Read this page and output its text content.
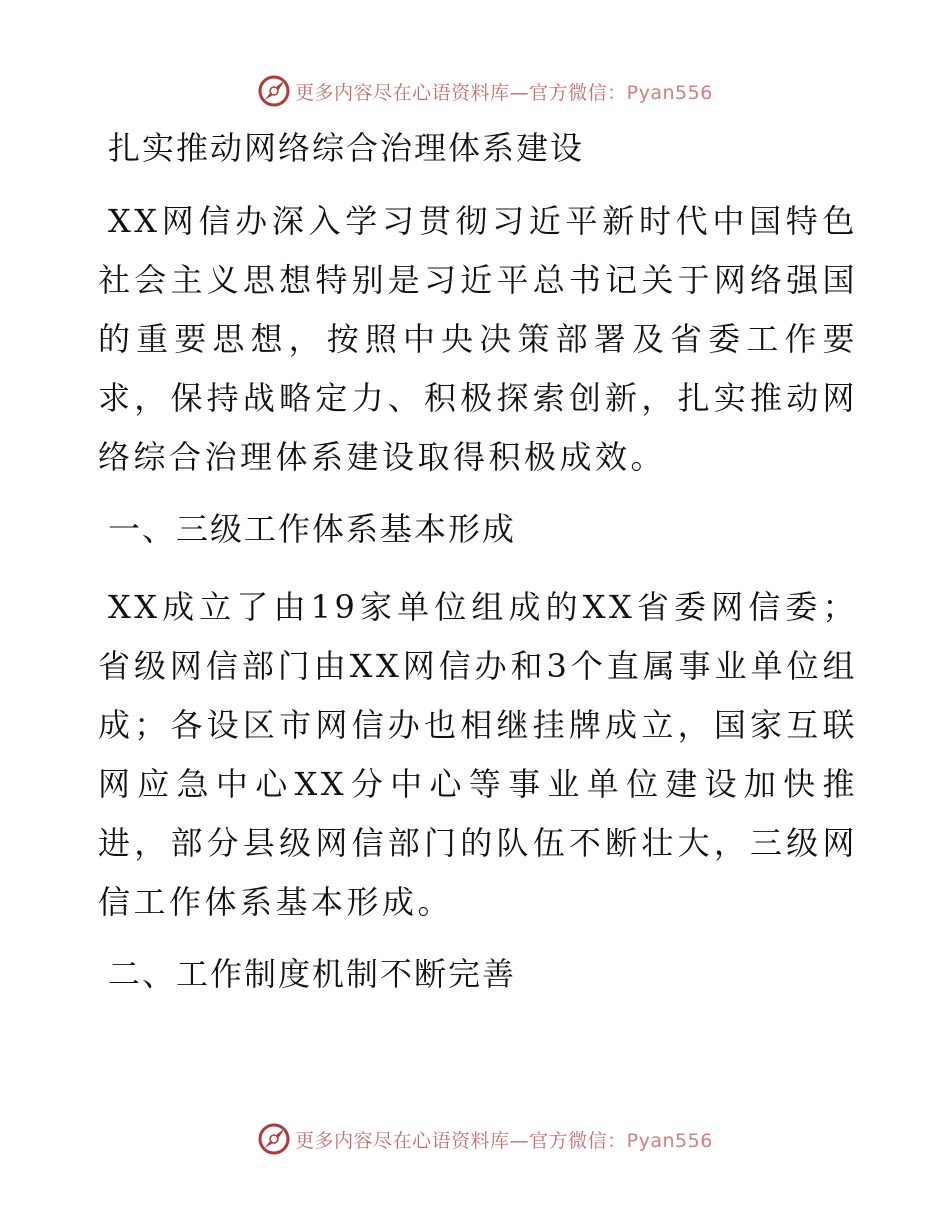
更多内容尽在心语资料库—官方微信：Pyan556
扎实推动网络综合治理体系建设

XX网信办深入学习贯彻习近平新时代中国特色社会主义思想特别是习近平总书记关于网络强国的重要思想，按照中央决策部署及省委工作要求，保持战略定力、积极探索创新，扎实推动网络综合治理体系建设取得积极成效。

一、三级工作体系基本形成

XX成立了由19家单位组成的XX省委网信委；省级网信部门由XX网信办和3个直属事业单位组成；各设区市网信办也相继挂牌成立，国家互联网应急中心XX分中心等事业单位建设加快推进，部分县级网信部门的队伍不断壮大，三级网信工作体系基本形成。

二、工作制度机制不断完善
更多内容尽在心语资料库—官方微信：Pyan556
